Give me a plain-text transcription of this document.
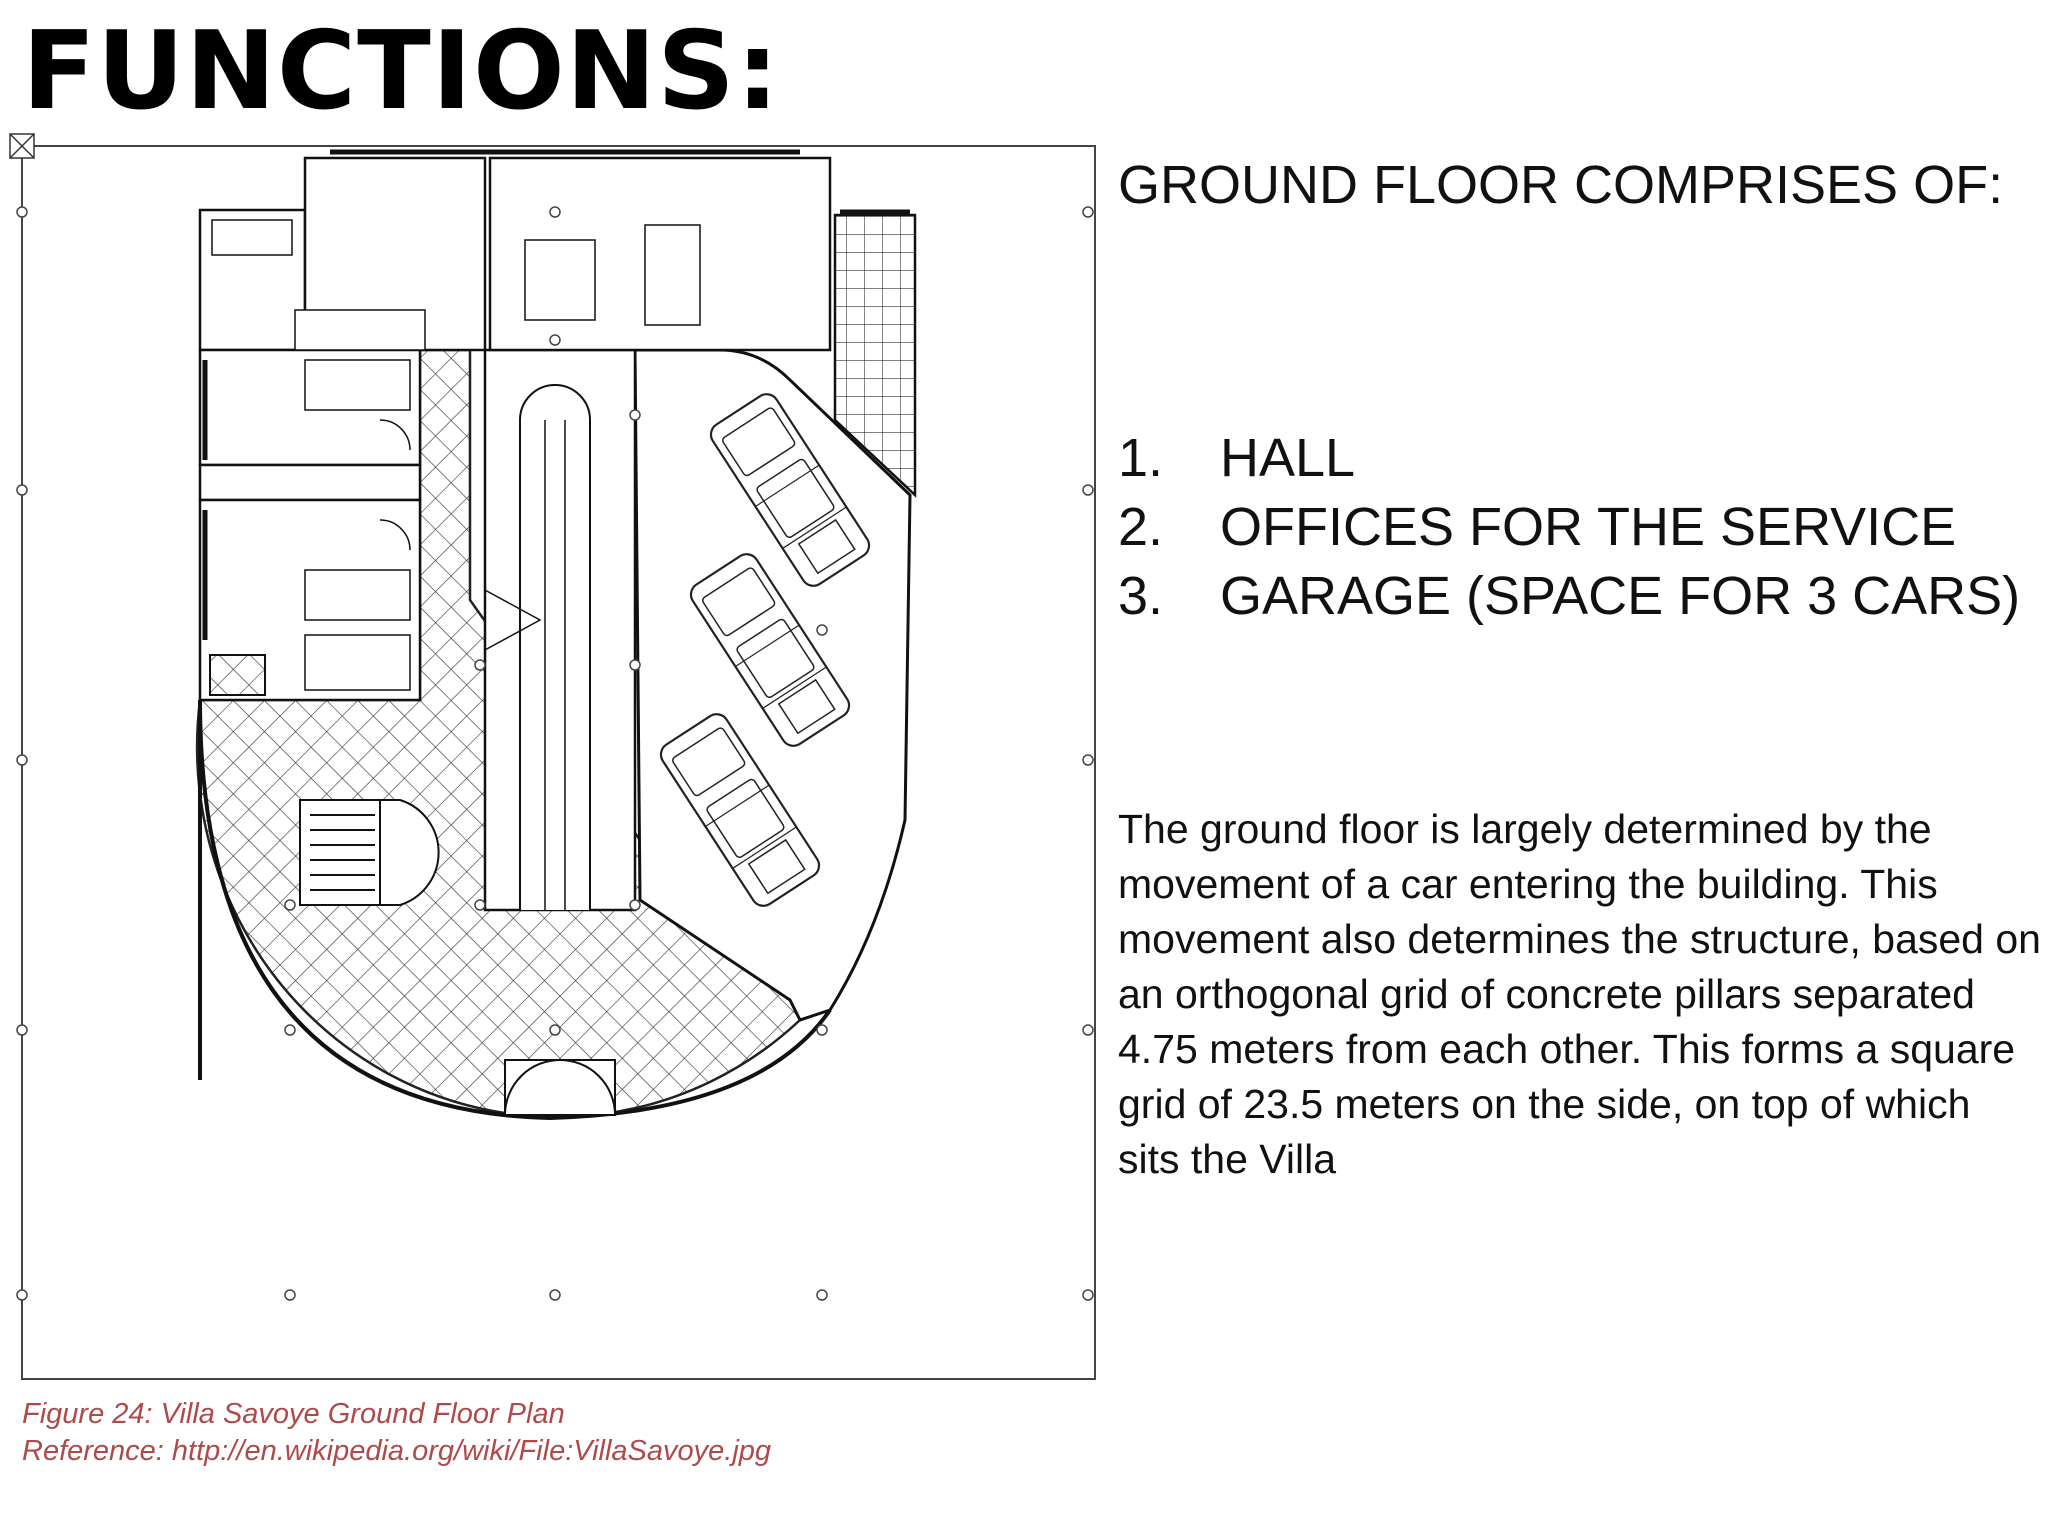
FUNCTIONS:
GROUND FLOOR COMPRISES OF:
1.	HALL
2.	OFFICES FOR THE SERVICE
3.	GARAGE (SPACE FOR 3 CARS)

The ground floor is largely determined by the movement of a car entering the building. This movement also determines the structure, based on an orthogonal grid of concrete pillars separated 4.75 meters from each other. This forms a square grid of 23.5 meters on the side, on top of which sits the Villa

Figure 24: Villa Savoye Ground Floor Plan
Reference: http://en.wikipedia.org/wiki/File:VillaSavoye.jpg
